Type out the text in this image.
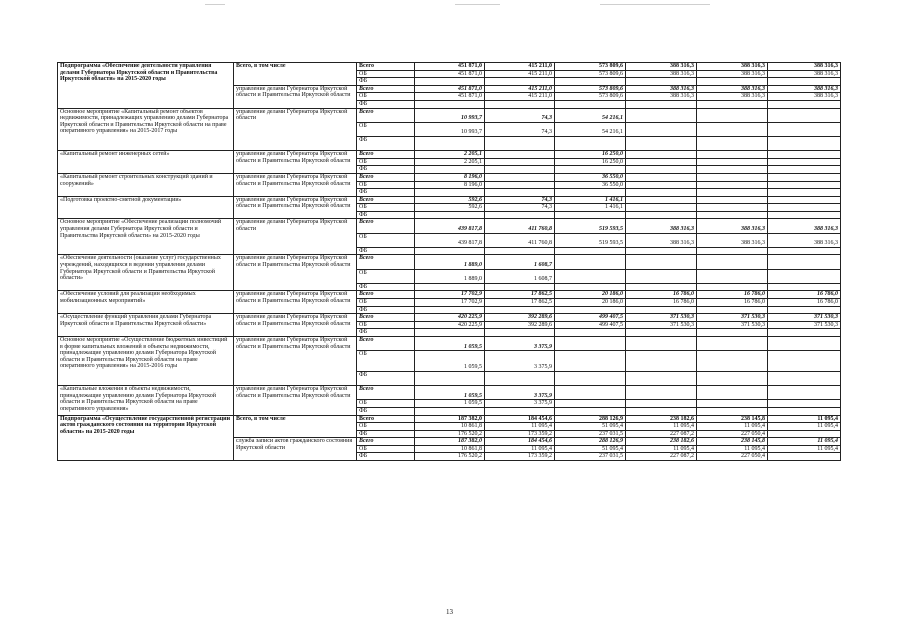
Подпрограмма «Обеспечение деятельности управления делами Губернатора Иркутской области и Правительства Иркутской области» на 2015-2020 годы	Всего, в том числе	Всего	451 871,0	415 211,0	573 809,6	388 316,3	388 316,3	388 316,3
		ОБ	451 871,0	415 211,0	573 809,6	388 316,3	388 316,3	388 316,3
		ФБ						
	управление делами Губернатора Иркутской области и Правительства Иркутской области	Всего	451 871,0	415 211,0	573 809,6	388 316,3	388 316,3	388 316,3
		ОБ	451 871,0	415 211,0	573 809,6	388 316,3	388 316,3	388 316,3
		ФБ						
Основное мероприятие «Капитальный ремонт объектов недвижимости, принадлежащих управлению делами Губернатора Иркутской области и Правительства Иркутской области на праве оперативного управления» на 2015-2017 годы	управление делами Губернатора Иркутской области	Всего	10 993,7	74,3	54 216,1			
		ОБ	10 993,7	74,3	54 216,1			
		ФБ						
«Капитальный ремонт инженерных сетей»	управление делами Губернатора Иркутской области и Правительства Иркутской области	Всего	2 205,1		16 250,0			
		ОБ	2 205,1		16 250,0			
		ФБ						
«Капитальный ремонт строительных конструкций зданий и сооружений»	управление делами Губернатора Иркутской области и Правительства Иркутской области	Всего	8 196,0		36 550,0			
		ОБ	8 196,0		36 550,0			
		ФБ						
«Подготовка проектно-сметной документации»	управление делами Губернатора Иркутской области и Правительства Иркутской области	Всего	592,6	74,3	1 416,1			
		ОБ	592,6	74,3	1 416,1			
		ФБ						
Основное мероприятие «Обеспечение реализации полномочий управления делами Губернатора Иркутской области и Правительства Иркутской области» на 2015-2020 годы	управление делами Губернатора Иркутской области	Всего	439 817,8	411 760,8	519 593,5	388 316,3	388 316,3	388 316,3
		ОБ	439 817,8	411 760,8	519 593,5	388 316,3	388 316,3	388 316,3
		ФБ						
«Обеспечение деятельности (оказание услуг) государственных учреждений, находящихся в ведении управления делами Губернатора Иркутской области и Правительства Иркутской области»	управление делами Губернатора Иркутской области и Правительства Иркутской области	Всего	1 889,0	1 608,7				
		ОБ	1 889,0	1 608,7				
		ФБ						
«Обеспечение условий для реализации необходимых мобилизационных мероприятий»	управление делами Губернатора Иркутской области и Правительства Иркутской области	Всего	17 702,9	17 862,5	20 186,0	16 786,0	16 786,0	16 786,0
		ОБ	17 702,9	17 862,5	20 186,0	16 786,0	16 786,0	16 786,0
		ФБ						
«Осуществление функций управления делами Губернатора Иркутской области и Правительства Иркутской области»	управление делами Губернатора Иркутской области и Правительства Иркутской области	Всего	420 225,9	392 289,6	499 407,5	371 530,3	371 530,3	371 530,3
		ОБ	420 225,9	392 289,6	499 407,5	371 530,3	371 530,3	371 530,3
		ФБ						
Основное мероприятие «Осуществление бюджетных инвестиций в форме капитальных вложений в объекты недвижимости, принадлежащие управлению делами Губернатора Иркутской области и Правительства Иркутской области на праве оперативного управления» на 2015-2016 годы	управление делами Губернатора Иркутской области и Правительства Иркутской области	Всего	1 059,5	3 375,9				
		ОБ	1 059,5	3 375,9				
		ФБ						
«Капитальные вложения в объекты недвижимости, принадлежащие управлению делами Губернатора Иркутской области и Правительства Иркутской области на праве оперативного управления»	управление делами Губернатора Иркутской области и Правительства Иркутской области	Всего	1 059,5	3 375,9				
		ОБ	1 059,5	3 375,9				
		ФБ						
Подпрограмма «Осуществление государственной регистрации актов гражданского состояния на территории Иркутской области» на 2015-2020 годы	Всего, в том числе	Всего	187 382,0	184 454,6	288 126,9	238 182,6	238 145,8	11 095,4
		ОБ	10 861,8	11 095,4	51 095,4	11 095,4	11 095,4	11 095,4
		ФБ	176 520,2	173 359,2	237 031,5	227 087,2	227 050,4	
	служба записи актов гражданского состояния Иркутской области	Всего	187 382,0	184 454,6	288 126,9	238 182,6	238 145,8	11 095,4
		ОБ	10 861,8	11 095,4	51 095,4	11 095,4	11 095,4	11 095,4
		ФБ	176 520,2	173 359,2	237 031,5	227 087,2	227 050,4	
13
